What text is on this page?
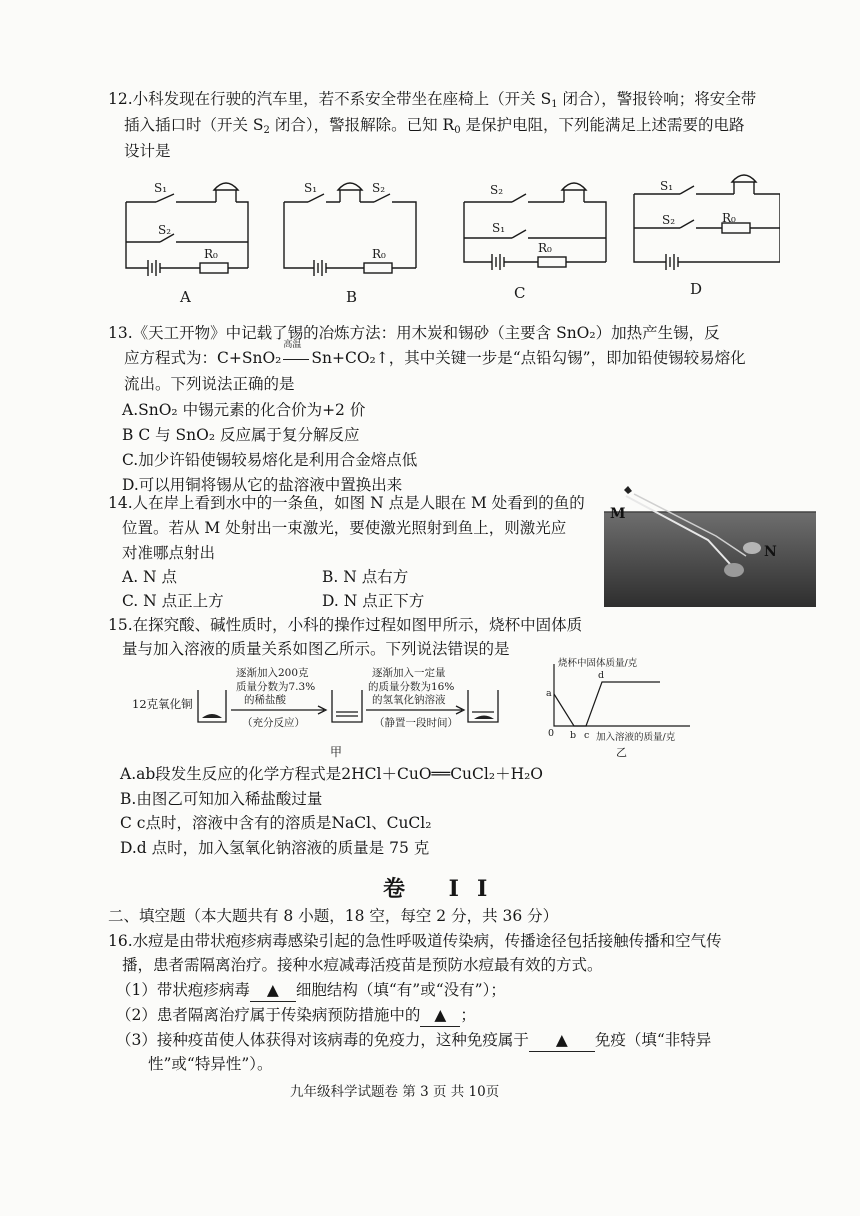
12.小科发现在行驶的汽车里，若不系安全带坐在座椅上（开关 $S_1$ 闭合），警报铃响；将安全带
插入插口时（开关 $S_2$ 闭合），警报解除。已知 $R_0$ 是保护电阻，下列能满足上述需要的电路
设计是
S₁
S₂
R₀
A
S₁	S₂
R₀
B
S₂
S₁
R₀
C
S₁
S₂	R₀
D
13.《天工开物》中记载了锡的冶炼方法：用木炭和锡砂（主要含 SnO₂）加热产生锡，反
应方程式为：C+SnO₂
高温
Sn+CO₂↑，其中关键一步是“点铅勾锡”，即加铅使锡较易熔化
流出。下列说法正确的是
A.SnO₂ 中锡元素的化合价为+2 价
B C 与 SnO₂ 反应属于复分解反应
C.加少许铅使锡较易熔化是利用合金熔点低
D.可以用铜将锡从它的盐溶液中置换出来
14.人在岸上看到水中的一条鱼，如图 N 点是人眼在 M 处看到的鱼的
位置。若从 M 处射出一束激光，要使激光照射到鱼上，则激光应
对准哪点射出
A. N 点	B. N 点右方
C. N 点正上方	D. N 点正下方
M
N
15.在探究酸、碱性质时，小科的操作过程如图甲所示，烧杯中固体质
量与加入溶液的质量关系如图乙所示。下列说法错误的是
12克氧化铜
逐渐加入200克
质量分数为7.3%
的稀盐酸
（充分反应）
逐渐加入一定量
的质量分数为16%
的氢氧化钠溶液
（静置一段时间）
甲
烧杯中固体质量/克
加入溶液的质量/克
a
b c
d
0
乙
A.ab段发生反应的化学方程式是2HCl＋CuO══CuCl₂＋H₂O
B.由图乙可知加入稀盐酸过量
C c点时，溶液中含有的溶质是NaCl、CuCl₂
D.d 点时，加入氢氧化钠溶液的质量是 75 克
卷 II
二、填空题（本大题共有 8 小题，18 空，每空 2 分，共 36 分）
16.水痘是由带状疱疹病毒感染引起的急性呼吸道传染病，传播途径包括接触传播和空气传
播，患者需隔离治疗。接种水痘减毒活疫苗是预防水痘最有效的方式。
（1）带状疱疹病毒 ▲ 细胞结构（填“有”或“没有”）；
（2）患者隔离治疗属于传染病预防措施中的 ▲ ；
（3）接种疫苗使人体获得对该病毒的免疫力，这种免疫属于 ▲ 免疫（填“非特异
性”或“特异性”）。
九年级科学试题卷 第 3 页 共 10页
